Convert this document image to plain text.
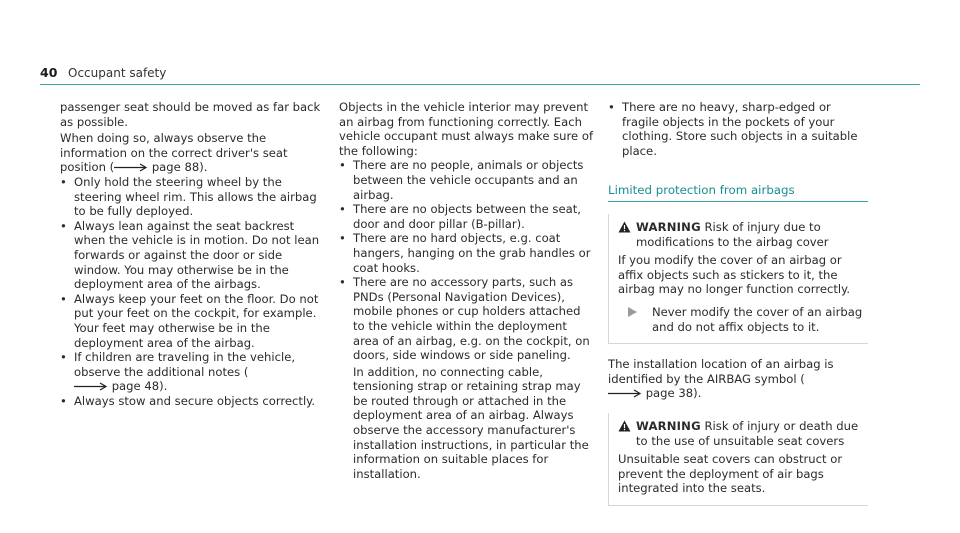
40 Occupant safety

passenger seat should be moved as far back as possible.

When doing so, always observe the information on the correct driver's seat position (	page 88).

• Only hold the steering wheel by the steering wheel rim. This allows the airbag to be fully deployed.
• Always lean against the seat backrest when the vehicle is in motion. Do not lean forwards or against the door or side window. You may otherwise be in the deployment area of the airbags.
• Always keep your feet on the floor. Do not put your feet on the cockpit, for example. Your feet may otherwise be in the deployment area of the airbag.
• If children are traveling in the vehicle, observe the additional notes ( page 48).
• Always stow and secure objects correctly.

Objects in the vehicle interior may prevent an airbag from functioning correctly. Each vehicle occupant must always make sure of the following:

• There are no people, animals or objects between the vehicle occupants and an airbag.
• There are no objects between the seat, door and door pillar (B-pillar).
• There are no hard objects, e.g. coat hangers, hanging on the grab handles or coat hooks.
• There are no accessory parts, such as PNDs (Personal Navigation Devices), mobile phones or cup holders attached to the vehicle within the deployment area of an airbag, e.g. on the cockpit, on doors, side windows or side paneling.
In addition, no connecting cable, tensioning strap or retaining strap may be routed through or attached in the deployment area of an airbag. Always observe the accessory manufacturer's installation instructions, in particular the information on suitable places for installation.
• There are no heavy, sharp-edged or fragile objects in the pockets of your clothing. Store such objects in a suitable place.
Limited protection from airbags
WARNING Risk of injury due to modifications to the airbag cover
If you modify the cover of an airbag or affix objects such as stickers to it, the airbag may no longer function correctly.
Never modify the cover of an airbag and do not affix objects to it.

The installation location of an airbag is identified by the AIRBAG symbol ( page 38).

WARNING Risk of injury or death due to the use of unsuitable seat covers
Unsuitable seat covers can obstruct or prevent the deployment of air bags integrated into the seats.
